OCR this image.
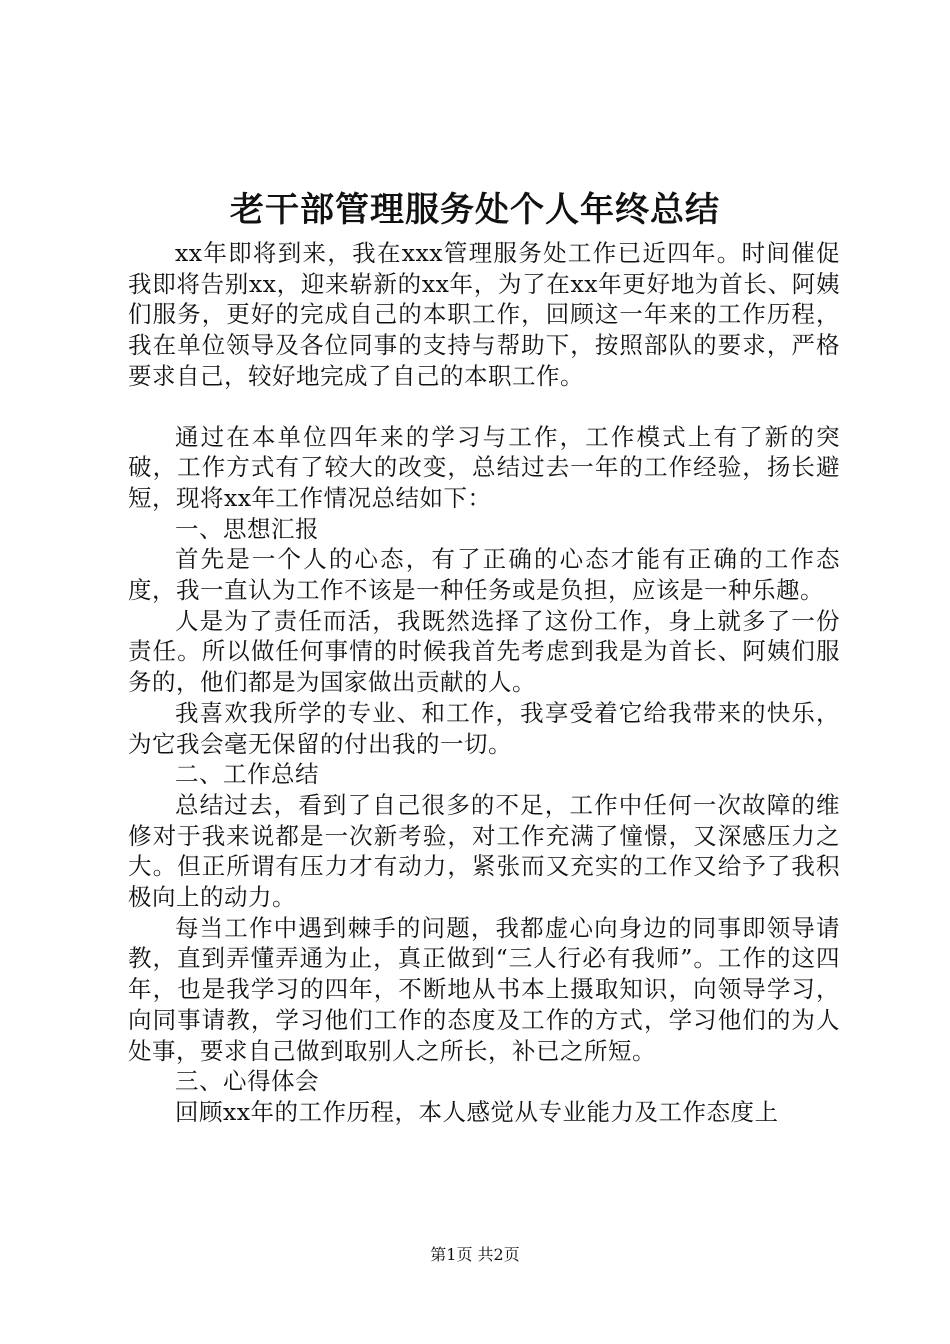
老干部管理服务处个人年终总结

xx年即将到来，我在xxx管理服务处工作已近四年。时间催促我即将告别xx，迎来崭新的xx年，为了在xx年更好地为首长、阿姨们服务，更好的完成自己的本职工作，回顾这一年来的工作历程，我在单位领导及各位同事的支持与帮助下，按照部队的要求，严格要求自己，较好地完成了自己的本职工作。

通过在本单位四年来的学习与工作，工作模式上有了新的突破，工作方式有了较大的改变，总结过去一年的工作经验，扬长避短，现将xx年工作情况总结如下：

一、思想汇报

首先是一个人的心态，有了正确的心态才能有正确的工作态度，我一直认为工作不该是一种任务或是负担，应该是一种乐趣。

人是为了责任而活，我既然选择了这份工作，身上就多了一份责任。所以做任何事情的时候我首先考虑到我是为首长、阿姨们服务的，他们都是为国家做出贡献的人。

我喜欢我所学的专业、和工作，我享受着它给我带来的快乐，为它我会毫无保留的付出我的一切。

二、工作总结

总结过去，看到了自己很多的不足，工作中任何一次故障的维修对于我来说都是一次新考验，对工作充满了憧憬，又深感压力之大。但正所谓有压力才有动力，紧张而又充实的工作又给予了我积极向上的动力。

每当工作中遇到棘手的问题，我都虚心向身边的同事即领导请教，直到弄懂弄通为止，真正做到“三人行必有我师”。工作的这四年，也是我学习的四年，不断地从书本上摄取知识，向领导学习，向同事请教，学习他们工作的态度及工作的方式，学习他们的为人处事，要求自己做到取别人之所长，补已之所短。

三、心得体会

回顾xx年的工作历程，本人感觉从专业能力及工作态度上

第1页 共2页
